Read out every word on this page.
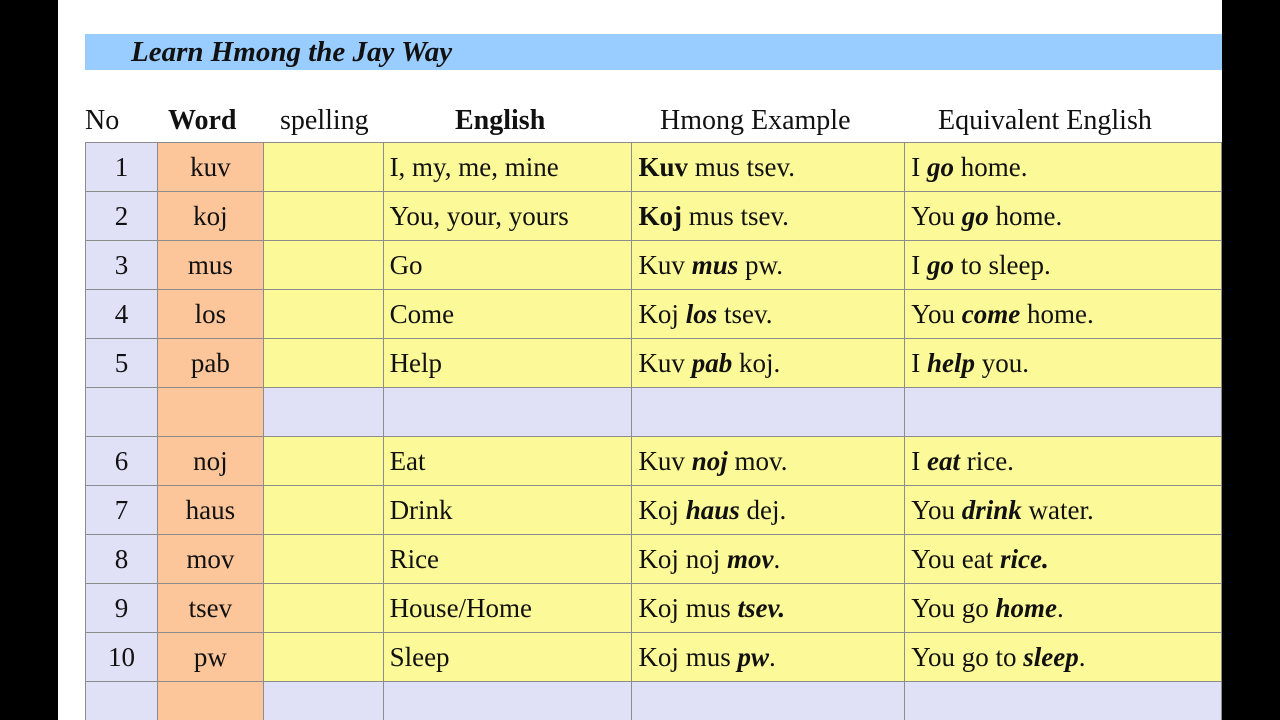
Learn Hmong the Jay Way
No Word spelling	English	Hmong Example	Equivalent English
1	kuv		I, my, me, mine	Kuv mus tsev.	I go home.
2	koj		You, your, yours	Koj mus tsev.	You go home.
3	mus		Go	Kuv mus pw.	I go to sleep.
4	los		Come	Koj los tsev.	You come home.
5	pab		Help	Kuv pab koj.	I help you.

6	noj		Eat	Kuv noj mov.	I eat rice.
7	haus		Drink	Koj haus dej.	You drink water.
8	mov		Rice	Koj noj mov.	You eat rice.
9	tsev		House/Home	Koj mus tsev.	You go home.
10	pw		Sleep	Koj mus pw.	You go to sleep.
